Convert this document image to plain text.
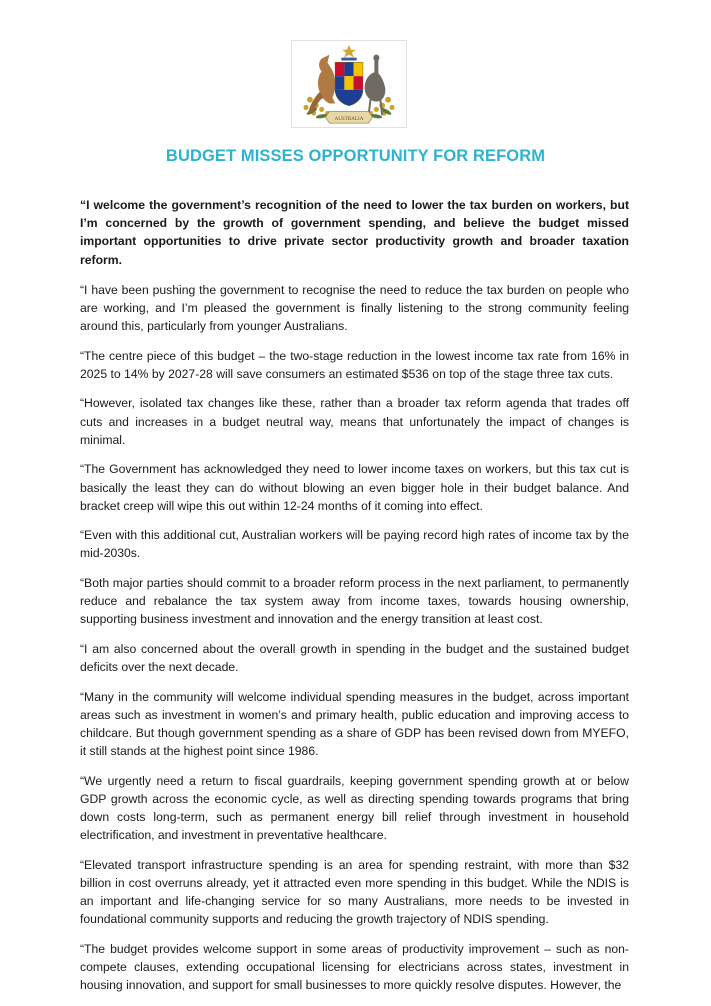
AUSTRALIA
BUDGET MISSES OPPORTUNITY FOR REFORM

“I welcome the government’s recognition of the need to lower the tax burden on workers, but I’m concerned by the growth of government spending, and believe the budget missed important opportunities to drive private sector productivity growth and broader taxation reform.

“I have been pushing the government to recognise the need to reduce the tax burden on people who are working, and I’m pleased the government is finally listening to the strong community feeling around this, particularly from younger Australians.

“The centre piece of this budget – the two-stage reduction in the lowest income tax rate from 16% in 2025 to 14% by 2027-28 will save consumers an estimated $536 on top of the stage three tax cuts.

“However, isolated tax changes like these, rather than a broader tax reform agenda that trades off cuts and increases in a budget neutral way, means that unfortunately the impact of changes is minimal.

“The Government has acknowledged they need to lower income taxes on workers, but this tax cut is basically the least they can do without blowing an even bigger hole in their budget balance. And bracket creep will wipe this out within 12-24 months of it coming into effect.

“Even with this additional cut, Australian workers will be paying record high rates of income tax by the mid-2030s.

“Both major parties should commit to a broader reform process in the next parliament, to permanently reduce and rebalance the tax system away from income taxes, towards housing ownership, supporting business investment and innovation and the energy transition at least cost.

“I am also concerned about the overall growth in spending in the budget and the sustained budget deficits over the next decade.

“Many in the community will welcome individual spending measures in the budget, across important areas such as investment in women’s and primary health, public education and improving access to childcare. But though government spending as a share of GDP has been revised down from MYEFO, it still stands at the highest point since 1986.

“We urgently need a return to fiscal guardrails, keeping government spending growth at or below GDP growth across the economic cycle, as well as directing spending towards programs that bring down costs long-term, such as permanent energy bill relief through investment in household electrification, and investment in preventative healthcare.

“Elevated transport infrastructure spending is an area for spending restraint, with more than $32 billion in cost overruns already, yet it attracted even more spending in this budget. While the NDIS is an important and life-changing service for so many Australians, more needs to be invested in foundational community supports and reducing the growth trajectory of NDIS spending.

“The budget provides welcome support in some areas of productivity improvement – such as non-compete clauses, extending occupational licensing for electricians across states, investment in housing innovation, and support for small businesses to more quickly resolve disputes. However, the
